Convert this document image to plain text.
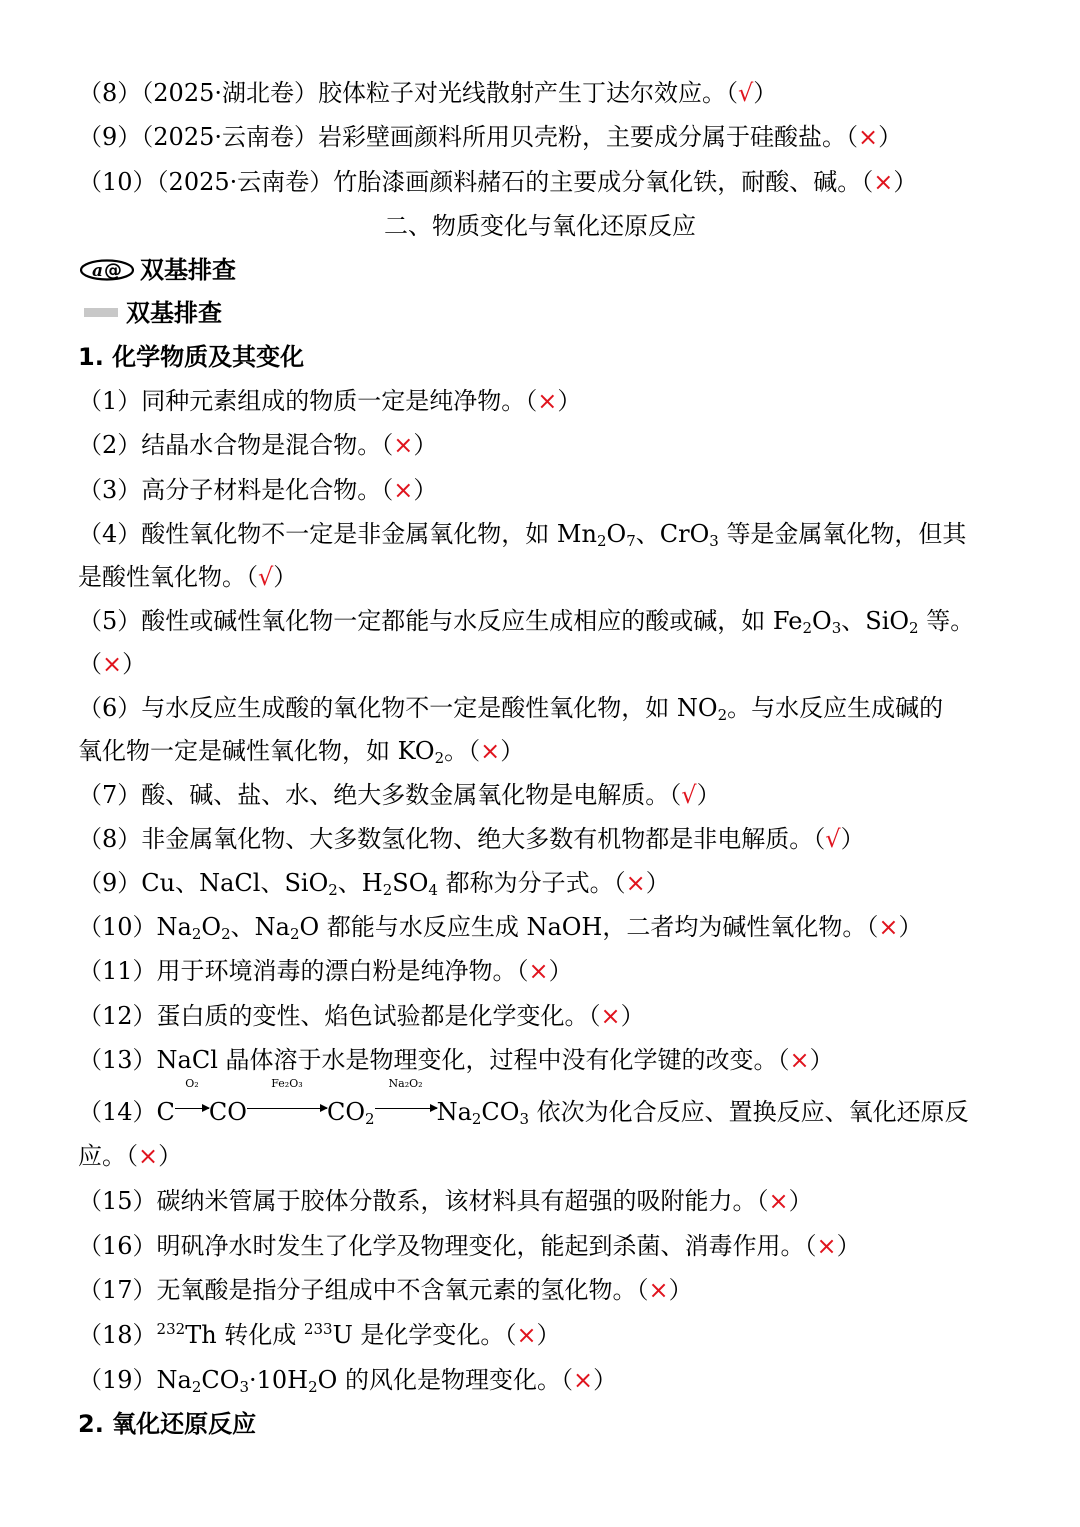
（8）（2025·湖北卷）胶体粒子对光线散射产生丁达尔效应。（√）
（9）（2025·云南卷）岩彩壁画颜料所用贝壳粉，主要成分属于硅酸盐。（×）
（10）（2025·云南卷）竹胎漆画颜料赭石的主要成分氧化铁，耐酸、碱。（×）
二、物质变化与氧化还原反应
a @ 双基排查
双基排查
1. 化学物质及其变化
（1）同种元素组成的物质一定是纯净物。（×）
（2）结晶水合物是混合物。（×）
（3）高分子材料是化合物。（×）
（4）酸性氧化物不一定是非金属氧化物，如 $Mn_2O_7$、CrO$_3$ 等是金属氧化物，但其
是酸性氧化物。（√）
（5）酸性或碱性氧化物一定都能与水反应生成相应的酸或碱，如 $Fe_2O_3$、SiO$_2$ 等。
（×）
（6）与水反应生成酸的氧化物不一定是酸性氧化物，如 $NO_2$。与水反应生成碱的
氧化物一定是碱性氧化物，如 $KO_2$。（×）
（7）酸、碱、盐、水、绝大多数金属氧化物是电解质。（√）
（8）非金属氧化物、大多数氢化物、绝大多数有机物都是非电解质。（√）
（9）Cu、NaCl、SiO$_2$、$H_2SO_4$ 都称为分子式。（×）
$(10)Na_2O_2$、$Na_2O$ 都能与水反应生成 NaOH，二者均为碱性氧化物。（×）
（11）用于环境消毒的漂白粉是纯净物。（×）
（12）蛋白质的变性、焰色试验都是化学变化。（×）
（13）NaCl 晶体溶于水是物理变化，过程中没有化学键的改变。（×）
（14）C
O₂
CO
Fe₂O₃
$CO_2$
Na₂O₂
$Na_2CO_3$ 依次为化合反应、置换反应、氧化还原反
应。（×）
（15）碳纳米管属于胶体分散系，该材料具有超强的吸附能力。（×）
（16）明矾净水时发生了化学及物理变化，能起到杀菌、消毒作用。（×）
（17）无氧酸是指分子组成中不含氧元素的氢化物。（×）
$(18)^{232}Th$ 转化成 $^{233}$U 是化学变化。（×）
$(19)Na_2CO_3\cdot 10H_2O$ 的风化是物理变化。（×）
2. 氧化还原反应
